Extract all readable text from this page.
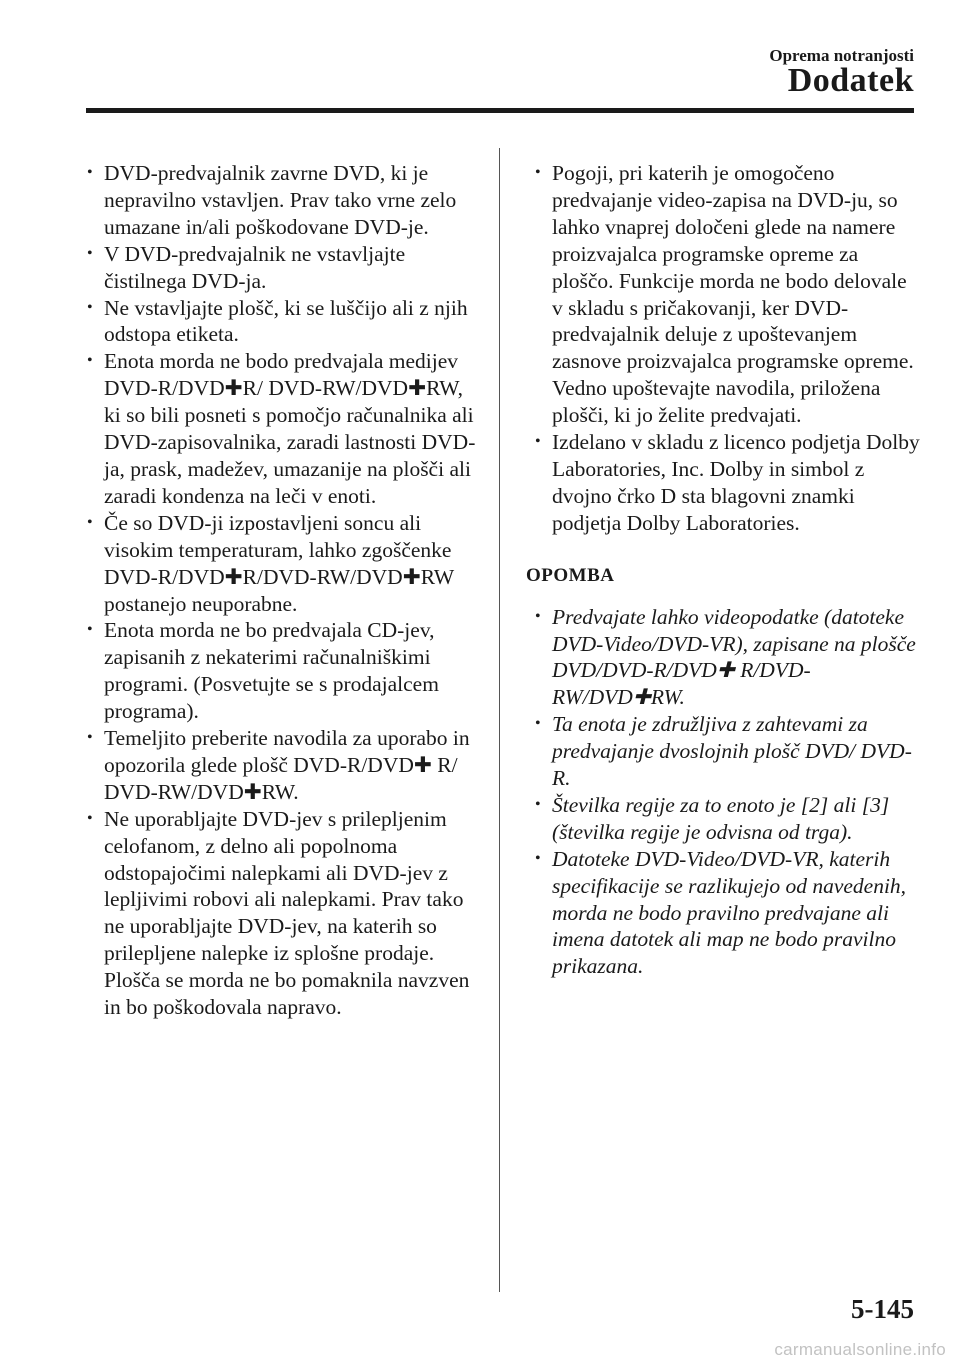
Oprema notranjosti
Dodatek
• DVD-predvajalnik zavrne DVD, ki je nepravilno vstavljen. Prav tako vrne zelo umazane in/ali poškodovane DVD-je.
• V DVD-predvajalnik ne vstavljajte čistilnega DVD-ja.
• Ne vstavljajte plošč, ki se luščijo ali z njih odstopa etiketa.
• Enota morda ne bodo predvajala medijev DVD-R/DVD✚R/ DVD-RW/DVD✚RW, ki so bili posneti s pomočjo računalnika ali DVD-zapisovalnika, zaradi lastnosti DVD-ja, prask, madežev, umazanije na plošči ali zaradi kondenza na leči v enoti.
• Če so DVD-ji izpostavljeni soncu ali visokim temperaturam, lahko zgoščenke DVD-R/DVD✚R/DVD-RW/DVD✚RW postanejo neuporabne.
• Enota morda ne bo predvajala CD-jev, zapisanih z nekaterimi računalniškimi programi. (Posvetujte se s prodajalcem programa).
• Temeljito preberite navodila za uporabo in opozorila glede plošč DVD-R/DVD✚ R/ DVD-RW/DVD✚RW.
• Ne uporabljajte DVD-jev s prilepljenim celofanom, z delno ali popolnoma odstopajočimi nalepkami ali DVD-jev z lepljivimi robovi ali nalepkami. Prav tako ne uporabljajte DVD-jev, na katerih so prilepljene nalepke iz splošne prodaje. Plošča se morda ne bo pomaknila navzven in bo poškodovala napravo.
• Pogoji, pri katerih je omogočeno predvajanje video-zapisa na DVD-ju, so lahko vnaprej določeni glede na namere proizvajalca programske opreme za ploščo. Funkcije morda ne bodo delovale v skladu s pričakovanji, ker DVD-predvajalnik deluje z upoštevanjem zasnove proizvajalca programske opreme. Vedno upoštevajte navodila, priložena plošči, ki jo želite predvajati.
• Izdelano v skladu z licenco podjetja Dolby Laboratories, Inc. Dolby in simbol z dvojno črko D sta blagovni znamki podjetja Dolby Laboratories.
OPOMBA
• Predvajate lahko videopodatke (datoteke DVD-Video/DVD-VR), zapisane na plošče DVD/DVD-R/DVD✚ R/DVD-RW/DVD✚RW.
• Ta enota je združljiva z zahtevami za predvajanje dvoslojnih plošč DVD/ DVD-R.
• Številka regije za to enoto je [2] ali [3] (številka regije je odvisna od trga).
• Datoteke DVD-Video/DVD-VR, katerih specifikacije se razlikujejo od navedenih, morda ne bodo pravilno predvajane ali imena datotek ali map ne bodo pravilno prikazana.
5-145
carmanualsonline.info
